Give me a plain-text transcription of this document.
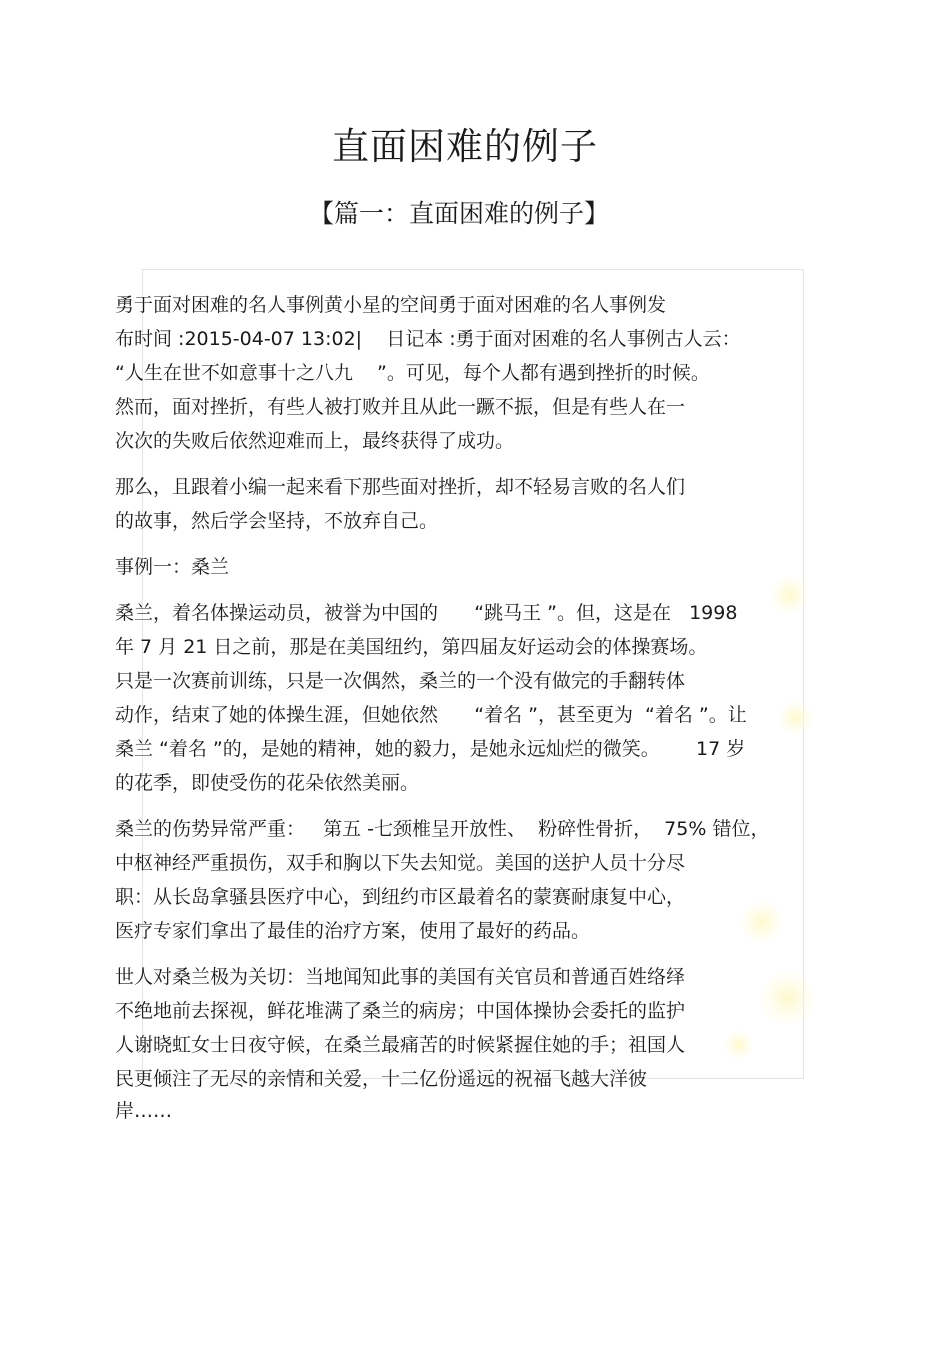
直面困难的例子
【篇一：直面困难的例子】
勇于面对困难的名人事例黄小星的空间勇于面对困难的名人事例发
布时间 :2015-04-07 13:02|    日记本 :勇于面对困难的名人事例古人云：
“人生在世不如意事十之八九    ”。可见，每个人都有遇到挫折的时候。
然而，面对挫折，有些人被打败并且从此一蹶不振，但是有些人在一
次次的失败后依然迎难而上，最终获得了成功。
那么，且跟着小编一起来看下那些面对挫折，却不轻易言败的名人们
的故事，然后学会坚持，不放弃自己。
事例一：桑兰
桑兰，着名体操运动员，被誉为中国的      “跳马王 ”。但，这是在   1998
年 7 月 21 日之前，那是在美国纽约，第四届友好运动会的体操赛场。
只是一次赛前训练，只是一次偶然，桑兰的一个没有做完的手翻转体
动作，结束了她的体操生涯，但她依然      “着名 ”，甚至更为  “着名 ”。让
桑兰 “着名 ”的，是她的精神，她的毅力，是她永远灿烂的微笑。      17 岁
的花季，即使受伤的花朵依然美丽。
桑兰的伤势异常严重：   第五 -七颈椎呈开放性、  粉碎性骨折，  75% 错位，
中枢神经严重损伤，双手和胸以下失去知觉。美国的送护人员十分尽
职：从长岛拿骚县医疗中心，到纽约市区最着名的蒙赛耐康复中心，
医疗专家们拿出了最佳的治疗方案，使用了最好的药品。
世人对桑兰极为关切：当地闻知此事的美国有关官员和普通百姓络绎
不绝地前去探视，鲜花堆满了桑兰的病房；中国体操协会委托的监护
人谢晓虹女士日夜守候，在桑兰最痛苦的时候紧握住她的手；祖国人
民更倾注了无尽的亲情和关爱，十二亿份遥远的祝福飞越大洋彼
岸……
